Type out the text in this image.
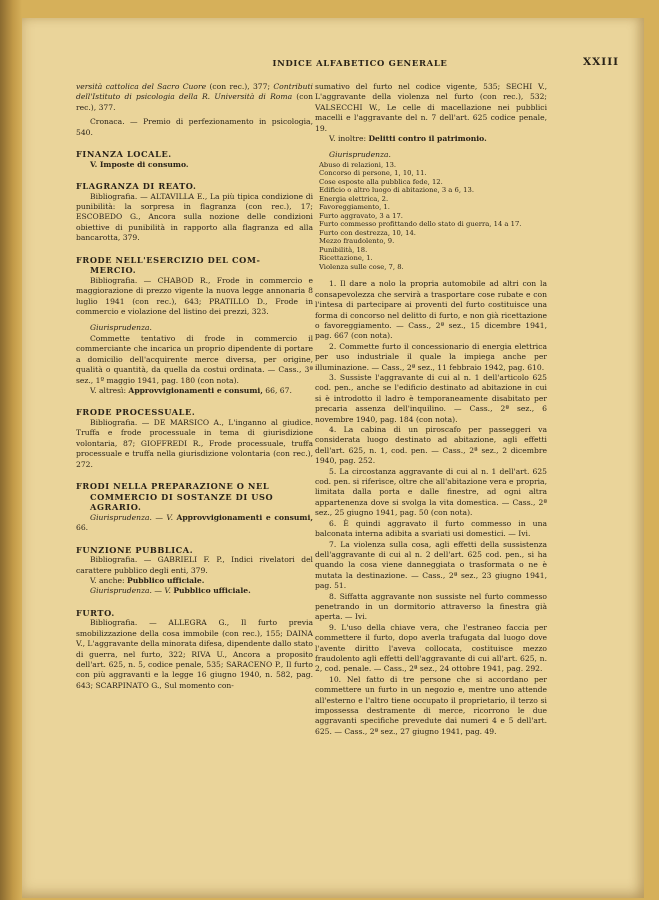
INDICE ALFABETICO GENERALE	XXIII

versità cattolica del Sacro Cuore (con rec.), 377; Contributi dell'Istituto di psicologia della R. Università di Roma (con rec.), 377.

Cronaca. — Premio di perfezionamento in psicologia, 540.

FINANZA LOCALE.

V. Imposte di consumo.

FLAGRANZA DI REATO.

Bibliografia. — ALTAVILLA E., La più tipica condizione di punibilità: la sorpresa in flagranza (con rec.), 17; ESCOBEDO G., Ancora sulla nozione delle condizioni obiettive di punibilità in rapporto alla flagranza ed alla bancarotta, 379.

FRODE NELL'ESERCIZIO DEL COM-
MERCIO.

Bibliografia. — CHABOD R., Frode in commercio e maggiorazione di prezzo vigente la nuova legge annonaria 8 luglio 1941 (con rec.), 643; PRATILLO D., Frode in commercio e violazione del listino dei prezzi, 323.

Giurisprudenza.

Commette tentativo di frode in commercio il commerciante che incarica un proprio dipendente di portare a domicilio dell'acquirente merce diversa, per origine, qualità o quantità, da quella da costui ordinata. — Cass., 3ª sez., 1º maggio 1941, pag. 180 (con nota).

V. altresì: Approvvigionamenti e consumi, 66, 67.

FRODE PROCESSUALE.

Bibliografia. — DE MARSICO A., L'inganno al giudice. Truffa e frode processuale in tema di giurisdizione volontaria, 87; GIOFFREDI R., Frode processuale, truffa processuale e truffa nella giurisdizione volontaria (con rec.), 272.

FRODI NELLA PREPARAZIONE O NEL
COMMERCIO DI SOSTANZE DI USO
AGRARIO.

Giurisprudenza. — V. Approvvigionamenti e consumi, 66.

FUNZIONE PUBBLICA.

Bibliografia. — GABRIELI F. P., Indici rivelatori del carattere pubblico degli enti, 379.

V. anche: Pubblico ufficiale.

Giurisprudenza. — V. Pubblico ufficiale.

FURTO.

Bibliografia. — ALLEGRA G., Il furto previa smobilizzazione della cosa immobile (con rec.), 155; DAINA V., L'aggravante della minorata difesa, dipendente dallo stato di guerra, nel furto, 322; RIVA U., Ancora a proposito dell'art. 625, n. 5, codice penale, 535; SARACENO P., Il furto con più aggravanti e la legge 16 giugno 1940, n. 582, pag. 643; SCARPINATO G., Sul momento con-

sumativo del furto nel codice vigente, 535; SECHI V., L'aggravante della violenza nel furto (con rec.), 532; VALSECCHI W., Le celle di macellazione nei pubblici macelli e l'aggravante del n. 7 dell'art. 625 codice penale, 19.

V. inoltre: Delitti contro il patrimonio.

Giurisprudenza.

Abuso di relazioni, 13.
Concorso di persone, 1, 10, 11.
Cose esposte alla pubblica fede, 12.
Edificio o altro luogo di abitazione, 3 a 6, 13.
Energia elettrica, 2.
Favoreggiamento, 1.
Furto aggravato, 3 a 17.
Furto commesso profittando dello stato di guerra, 14 a 17.
Furto con destrezza, 10, 14.
Mezzo fraudolento, 9.
Punibilità, 18.
Ricettazione, 1.
Violenza sulle cose, 7, 8.

1. Il dare a nolo la propria automobile ad altri con la consapevolezza che servirà a trasportare cose rubate e con l'intesa di partecipare ai proventi del furto costituisce una forma di concorso nel delitto di furto, e non già ricettazione o favoreggiamento. — Cass., 2ª sez., 15 dicembre 1941, pag. 667 (con nota).

2. Commette furto il concessionario di energia elettrica per uso industriale il quale la impiega anche per illuminazione. — Cass., 2ª sez., 11 febbraio 1942, pag. 610.

3. Sussiste l'aggravante di cui al n. 1 dell'articolo 625 cod. pen., anche se l'edificio destinato ad abitazione in cui si è introdotto il ladro è temporaneamente disabitato per precaria assenza dell'inquilino. — Cass., 2ª sez., 6 novembre 1940, pag. 184 (con nota).

4. La cabina di un piroscafo per passeggeri va considerata luogo destinato ad abitazione, agli effetti dell'art. 625, n. 1, cod. pen. — Cass., 2ª sez., 2 dicembre 1940, pag. 252.

5. La circostanza aggravante di cui al n. 1 dell'art. 625 cod. pen. si riferisce, oltre che all'abitazione vera e propria, limitata dalla porta e dalle finestre, ad ogni altra appartenenza dove si svolga la vita domestica. — Cass., 2ª sez., 25 giugno 1941, pag. 50 (con nota).

6. È quindi aggravato il furto commesso in una balconata interna adibita a svariati usi domestici. — Ivi.

7. La violenza sulla cosa, agli effetti della sussistenza dell'aggravante di cui al n. 2 dell'art. 625 cod. pen., si ha quando la cosa viene danneggiata o trasformata o ne è mutata la destinazione. — Cass., 2ª sez., 23 giugno 1941, pag. 51.

8. Siffatta aggravante non sussiste nel furto commesso penetrando in un dormitorio attraverso la finestra già aperta. — Ivi.

9. L'uso della chiave vera, che l'estraneo faccia per commettere il furto, dopo averla trafugata dal luogo dove l'avente diritto l'aveva collocata, costituisce mezzo fraudolento agli effetti dell'aggravante di cui all'art. 625, n. 2, cod. penale. — Cass., 2ª sez., 24 ottobre 1941, pag. 292.

10. Nel fatto di tre persone che si accordano per commettere un furto in un negozio e, mentre uno attende all'esterno e l'altro tiene occupato il proprietario, il terzo si impossessa destramente di merce, ricorrono le due aggravanti specifiche prevedute dai numeri 4 e 5 dell'art. 625. — Cass., 2ª sez., 27 giugno 1941, pag. 49.
